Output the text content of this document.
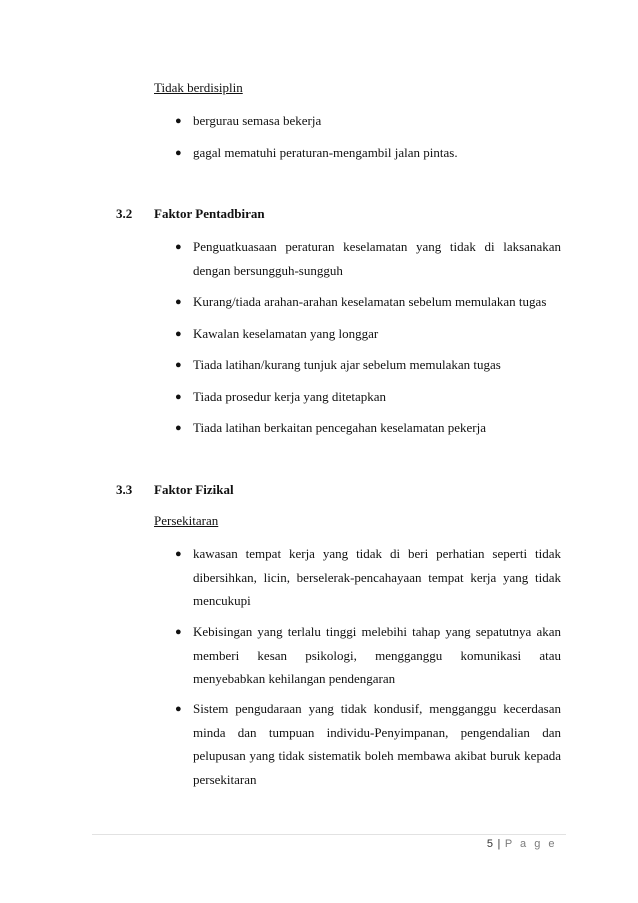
Tidak berdisiplin
● bergurau semasa bekerja
● gagal mematuhi peraturan-mengambil jalan pintas.
3.2 Faktor Pentadbiran
● Penguatkuasaan peraturan keselamatan yang tidak di laksanakan dengan bersungguh-sungguh
● Kurang/tiada arahan-arahan keselamatan sebelum memulakan tugas
● Kawalan keselamatan yang longgar
● Tiada latihan/kurang tunjuk ajar sebelum memulakan tugas
● Tiada prosedur kerja yang ditetapkan
● Tiada latihan berkaitan pencegahan keselamatan pekerja
3.3 Faktor Fizikal
Persekitaran
● kawasan tempat kerja yang tidak di beri perhatian seperti tidak dibersihkan, licin, berselerak-pencahayaan tempat kerja yang tidak mencukupi
● Kebisingan yang terlalu tinggi melebihi tahap yang sepatutnya akan memberi kesan psikologi, mengganggu komunikasi atau menyebabkan kehilangan pendengaran
● Sistem pengudaraan yang tidak kondusif, mengganggu kecerdasan minda dan tumpuan individu-Penyimpanan, pengendalian dan pelupusan yang tidak sistematik boleh membawa akibat buruk kepada persekitaran
5 | P a g e
